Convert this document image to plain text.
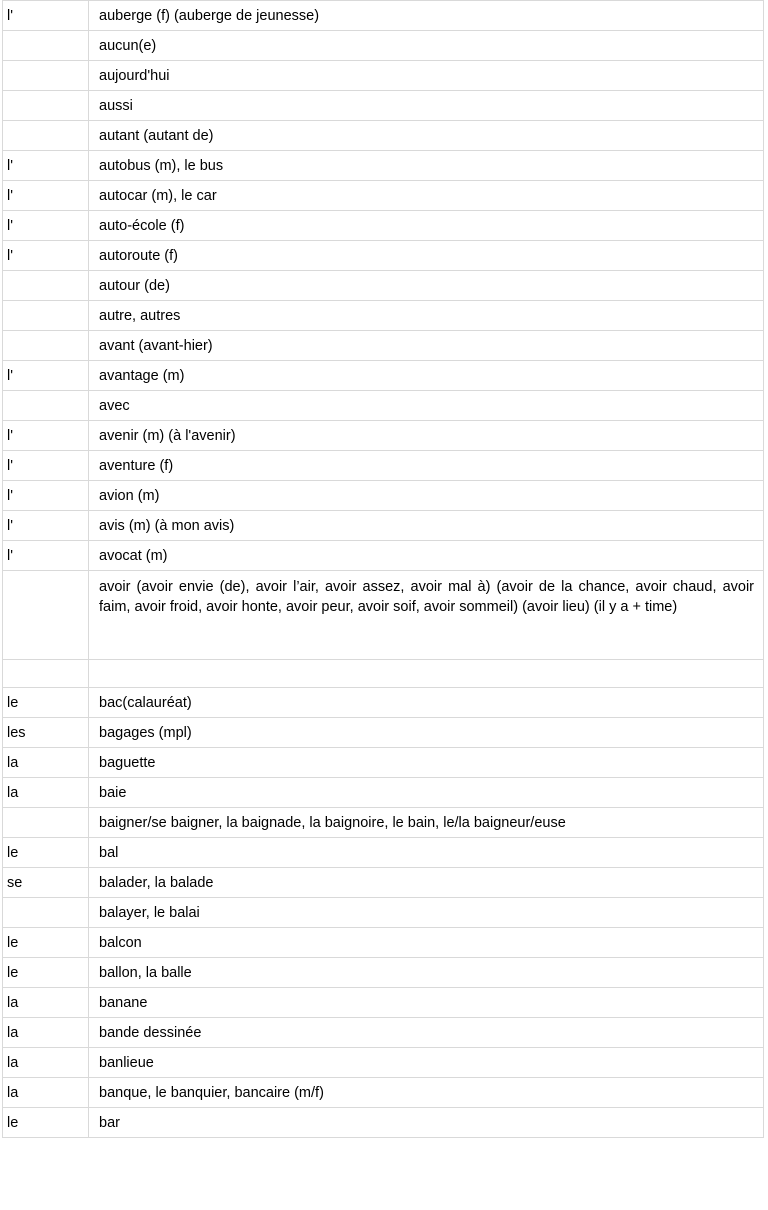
l'	auberge (f) (auberge de jeunesse)

	aucun(e)

	aujourd'hui

	aussi

	autant (autant de)

l'	autobus (m), le bus

l'	autocar (m), le car

l'	auto-école (f)

l'	autoroute (f)

	autour (de)

	autre, autres

	avant (avant-hier)

l'	avantage (m)

	avec

l'	avenir (m) (à l'avenir)

l'	aventure (f)

l'	avion (m)

l'	avis (m) (à mon avis)

l'	avocat (m)

	avoir (avoir envie (de), avoir l’air, avoir assez, avoir mal à) (avoir de la chance, avoir chaud, avoir faim, avoir froid, avoir honte, avoir peur, avoir soif, avoir sommeil) (avoir lieu) (il y a + time)

le	bac(calauréat)

les	bagages (mpl)

la	baguette

la	baie

	baigner/se baigner, la baignade, la baignoire, le bain, le/la baigneur/euse

le	bal

se	balader, la balade

	balayer, le balai

le	balcon

le	ballon, la balle

la	banane

la	bande dessinée

la	banlieue

la	banque, le banquier, bancaire (m/f)

le	bar
